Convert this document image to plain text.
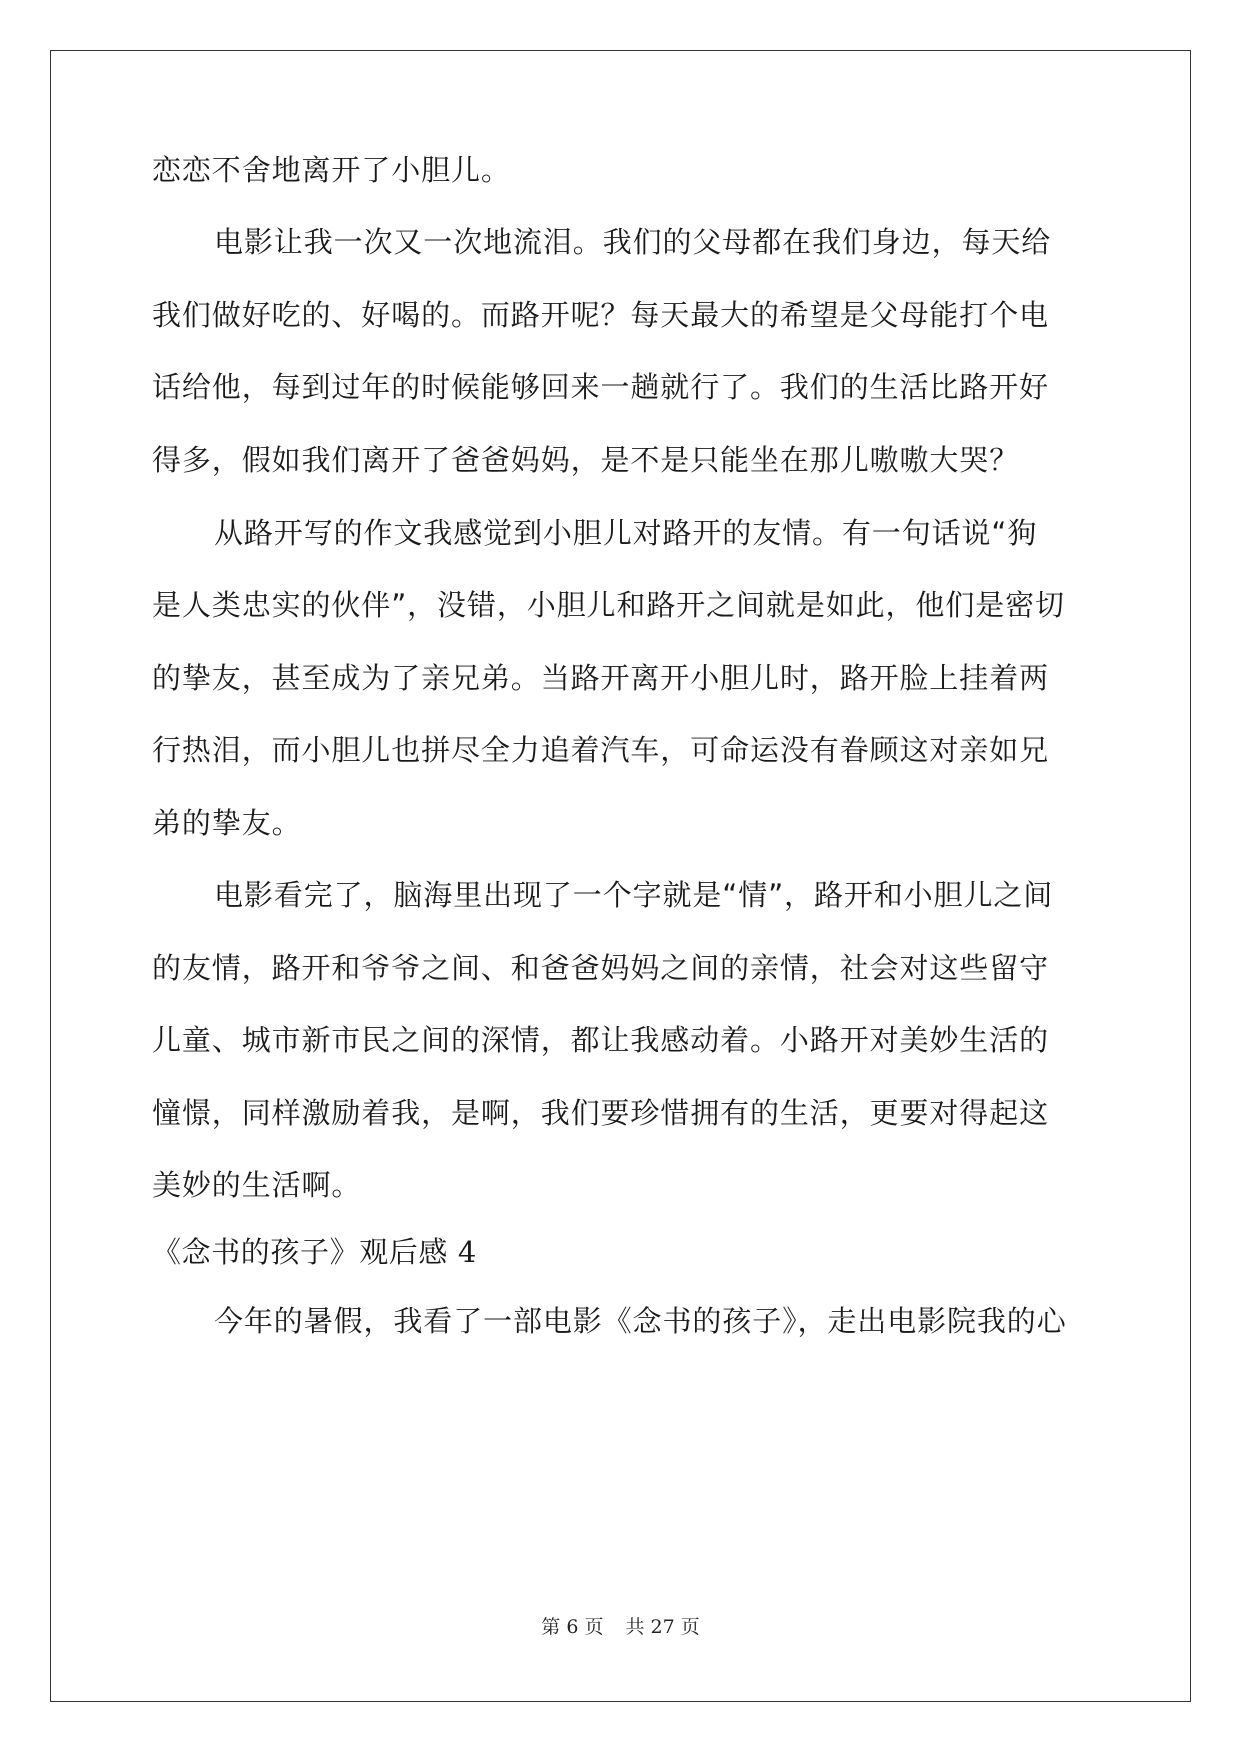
恋恋不舍地离开了小胆儿。
电影让我一次又一次地流泪。我们的父母都在我们身边，每天给
我们做好吃的、好喝的。而路开呢？每天最大的希望是父母能打个电
话给他，每到过年的时候能够回来一趟就行了。我们的生活比路开好
得多，假如我们离开了爸爸妈妈，是不是只能坐在那儿嗷嗷大哭？
从路开写的作文我感觉到小胆儿对路开的友情。有一句话说“狗
是人类忠实的伙伴”，没错，小胆儿和路开之间就是如此，他们是密切
的挚友，甚至成为了亲兄弟。当路开离开小胆儿时，路开脸上挂着两
行热泪，而小胆儿也拼尽全力追着汽车，可命运没有眷顾这对亲如兄
弟的挚友。
电影看完了，脑海里出现了一个字就是“情”，路开和小胆儿之间
的友情，路开和爷爷之间、和爸爸妈妈之间的亲情，社会对这些留守
儿童、城市新市民之间的深情，都让我感动着。小路开对美妙生活的
憧憬，同样激励着我，是啊，我们要珍惜拥有的生活，更要对得起这
美妙的生活啊。
《念书的孩子》观后感 4
今年的暑假，我看了一部电影《念书的孩子》，走出电影院我的心
第 6 页 共 27 页
